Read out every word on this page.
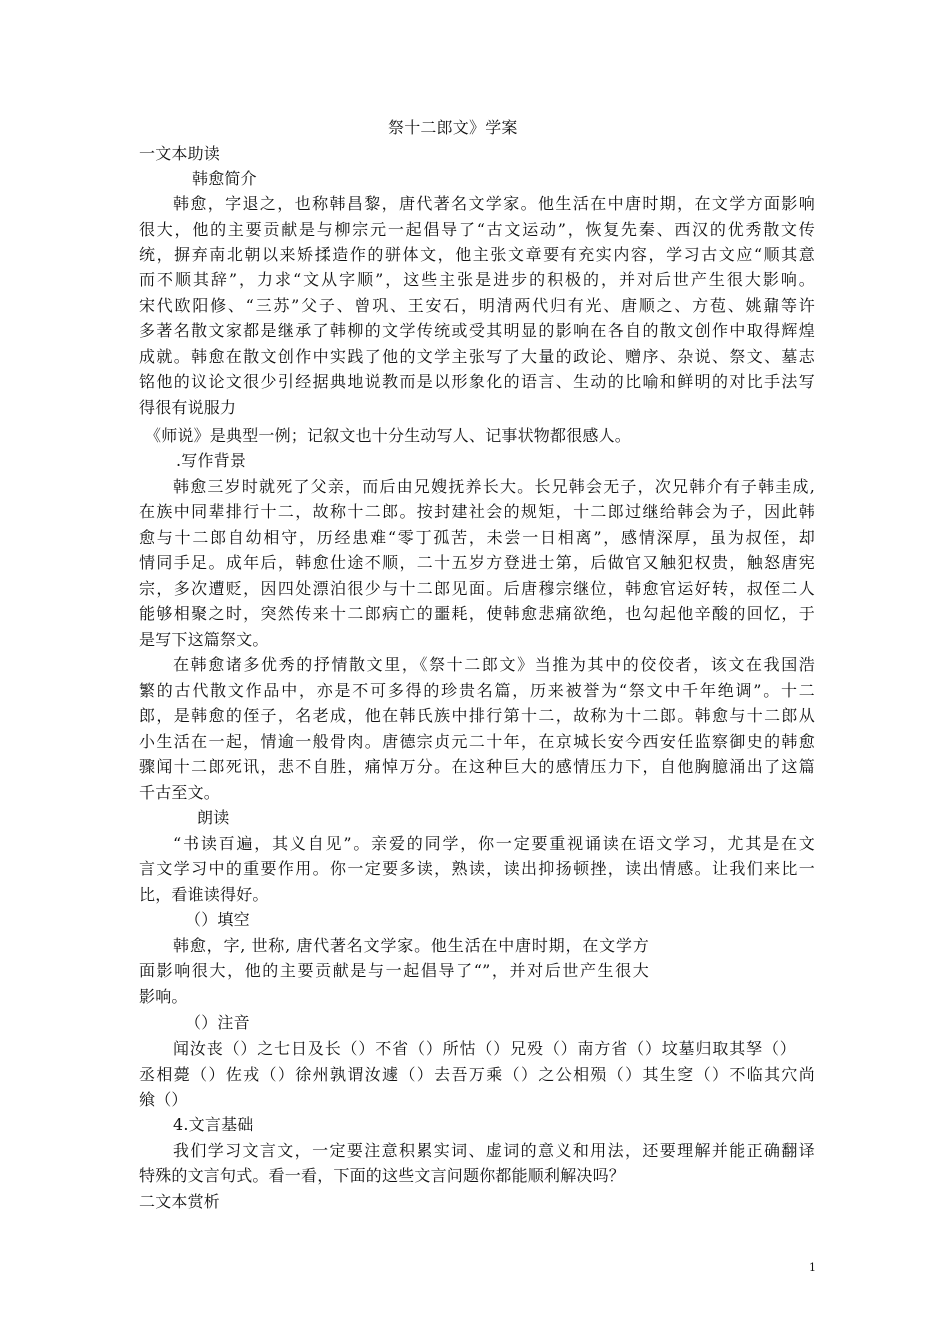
祭十二郎文》学案
一文本助读
韩愈简介
韩愈，字退之，也称韩昌黎，唐代著名文学家。他生活在中唐时期，在文学方面影响
很大，他的主要贡献是与柳宗元一起倡导了“古文运动”，恢复先秦、西汉的优秀散文传
统，摒弃南北朝以来矫揉造作的骈体文，他主张文章要有充实内容，学习古文应“顺其意
而不顺其辞”，力求“文从字顺”，这些主张是进步的积极的，并对后世产生很大影响。
宋代欧阳修、“三苏”父子、曾巩、王安石，明清两代归有光、唐顺之、方苞、姚鼐等许
多著名散文家都是继承了韩柳的文学传统或受其明显的影响在各自的散文创作中取得辉煌
成就。韩愈在散文创作中实践了他的文学主张写了大量的政论、赠序、杂说、祭文、墓志
铭他的议论文很少引经据典地说教而是以形象化的语言、生动的比喻和鲜明的对比手法写
得很有说服力
《师说》是典型一例；记叙文也十分生动写人、记事状物都很感人。
.写作背景
韩愈三岁时就死了父亲，而后由兄嫂抚养长大。长兄韩会无子，次兄韩介有子韩圭成,
在族中同辈排行十二，故称十二郎。按封建社会的规矩，十二郎过继给韩会为子，因此韩
愈与十二郎自幼相守，历经患难“零丁孤苦，未尝一日相离”，感情深厚，虽为叔侄，却
情同手足。成年后，韩愈仕途不顺，二十五岁方登进士第，后做官又触犯权贵，触怒唐宪
宗，多次遭贬，因四处漂泊很少与十二郎见面。后唐穆宗继位，韩愈官运好转，叔侄二人
能够相聚之时，突然传来十二郎病亡的噩耗，使韩愈悲痛欲绝，也勾起他辛酸的回忆，于
是写下这篇祭文。
在韩愈诸多优秀的抒情散文里，《祭十二郎文》当推为其中的佼佼者，该文在我国浩
繁的古代散文作品中，亦是不可多得的珍贵名篇，历来被誉为“祭文中千年绝调”。十二
郎，是韩愈的侄子，名老成，他在韩氏族中排行第十二，故称为十二郎。韩愈与十二郎从
小生活在一起，情逾一般骨肉。唐德宗贞元二十年，在京城长安今西安任监察御史的韩愈
骤闻十二郎死讯，悲不自胜，痛悼万分。在这种巨大的感情压力下，自他胸臆涌出了这篇
千古至文。
朗读
“书读百遍，其义自见”。亲爱的同学，你一定要重视诵读在语文学习，尤其是在文
言文学习中的重要作用。你一定要多读，熟读，读出抑扬顿挫，读出情感。让我们来比一
比，看谁读得好。
（）填空
韩愈，字, 世称, 唐代著名文学家。他生活在中唐时期，在文学方
面影响很大，他的主要贡献是与一起倡导了“”，并对后世产生很大
影响。
（）注音
闻汝丧（）之七日及长（）不省（）所怙（）兄殁（）南方省（）坟墓归取其孥（）
丞相薨（）佐戎（）徐州孰谓汝遽（）去吾万乘（）之公相殒（）其生窆（）不临其穴尚
飨（）
4.文言基础
我们学习文言文，一定要注意积累实词、虚词的意义和用法，还要理解并能正确翻译
特殊的文言句式。看一看，下面的这些文言问题你都能顺利解决吗？
二文本赏析
1
